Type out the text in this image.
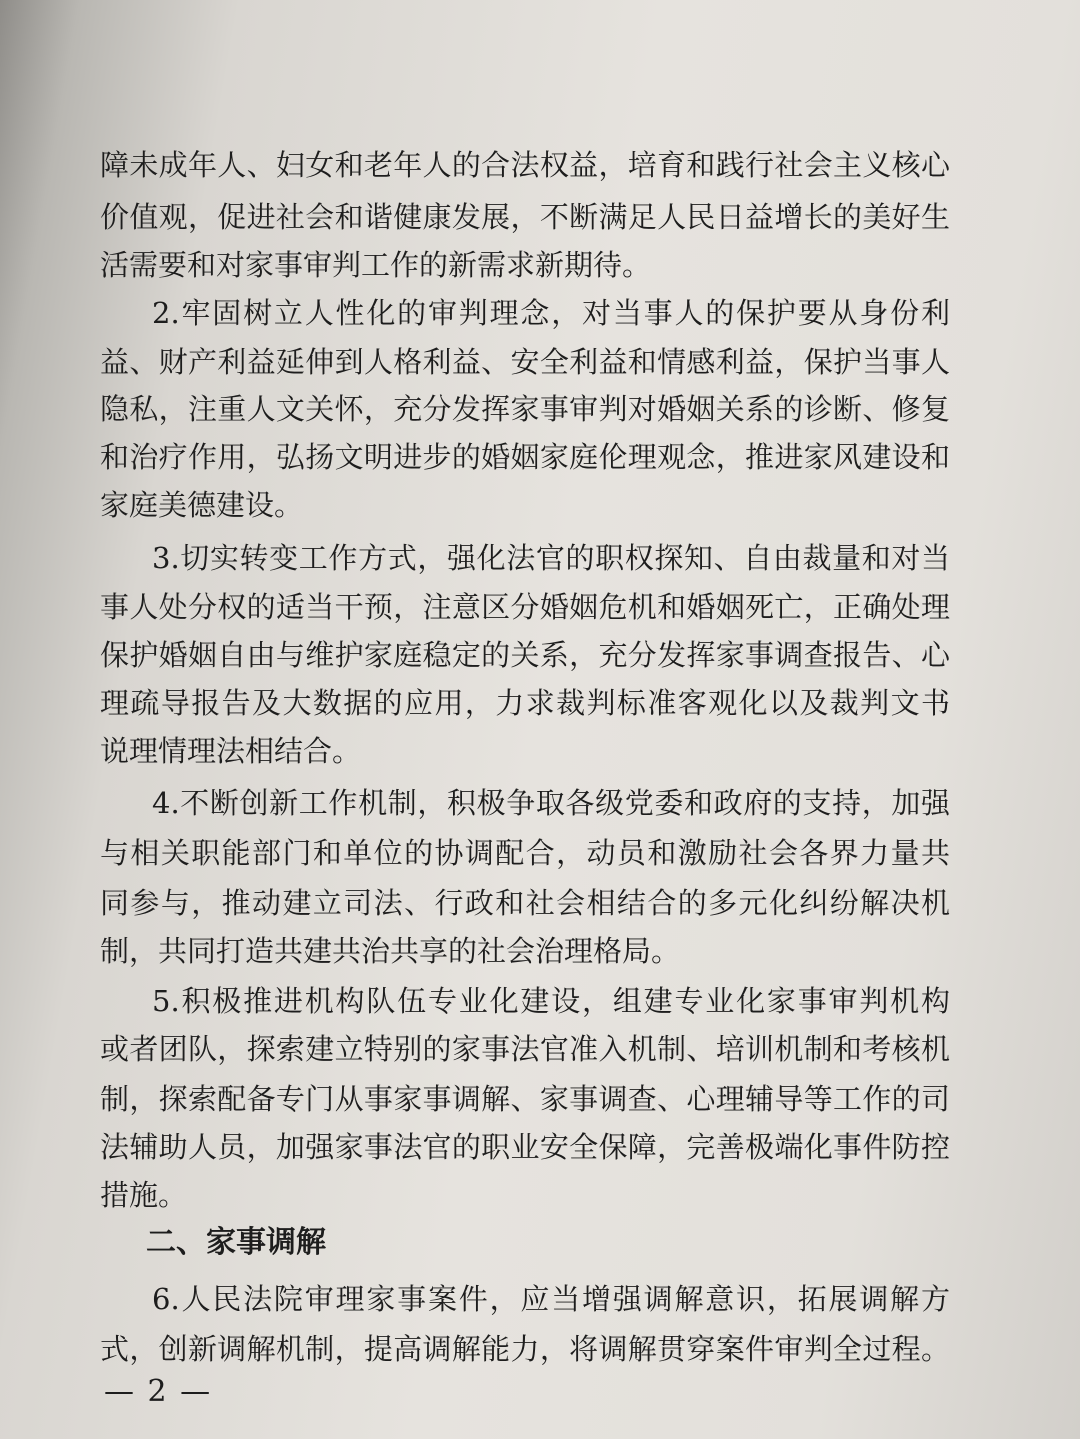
障未成年人、妇女和老年人的合法权益，培育和践行社会主义核心
价值观，促进社会和谐健康发展，不断满足人民日益增长的美好生
活需要和对家事审判工作的新需求新期待。
2.牢固树立人性化的审判理念，对当事人的保护要从身份利
益、财产利益延伸到人格利益、安全利益和情感利益，保护当事人
隐私，注重人文关怀，充分发挥家事审判对婚姻关系的诊断、修复
和治疗作用，弘扬文明进步的婚姻家庭伦理观念，推进家风建设和
家庭美德建设。
3.切实转变工作方式，强化法官的职权探知、自由裁量和对当
事人处分权的适当干预，注意区分婚姻危机和婚姻死亡，正确处理
保护婚姻自由与维护家庭稳定的关系，充分发挥家事调查报告、心
理疏导报告及大数据的应用，力求裁判标准客观化以及裁判文书
说理情理法相结合。
4.不断创新工作机制，积极争取各级党委和政府的支持，加强
与相关职能部门和单位的协调配合，动员和激励社会各界力量共
同参与，推动建立司法、行政和社会相结合的多元化纠纷解决机
制，共同打造共建共治共享的社会治理格局。
5.积极推进机构队伍专业化建设，组建专业化家事审判机构
或者团队，探索建立特别的家事法官准入机制、培训机制和考核机
制，探索配备专门从事家事调解、家事调查、心理辅导等工作的司
法辅助人员，加强家事法官的职业安全保障，完善极端化事件防控
措施。
二、家事调解
6.人民法院审理家事案件，应当增强调解意识，拓展调解方
式，创新调解机制，提高调解能力，将调解贯穿案件审判全过程。
— 2 —
